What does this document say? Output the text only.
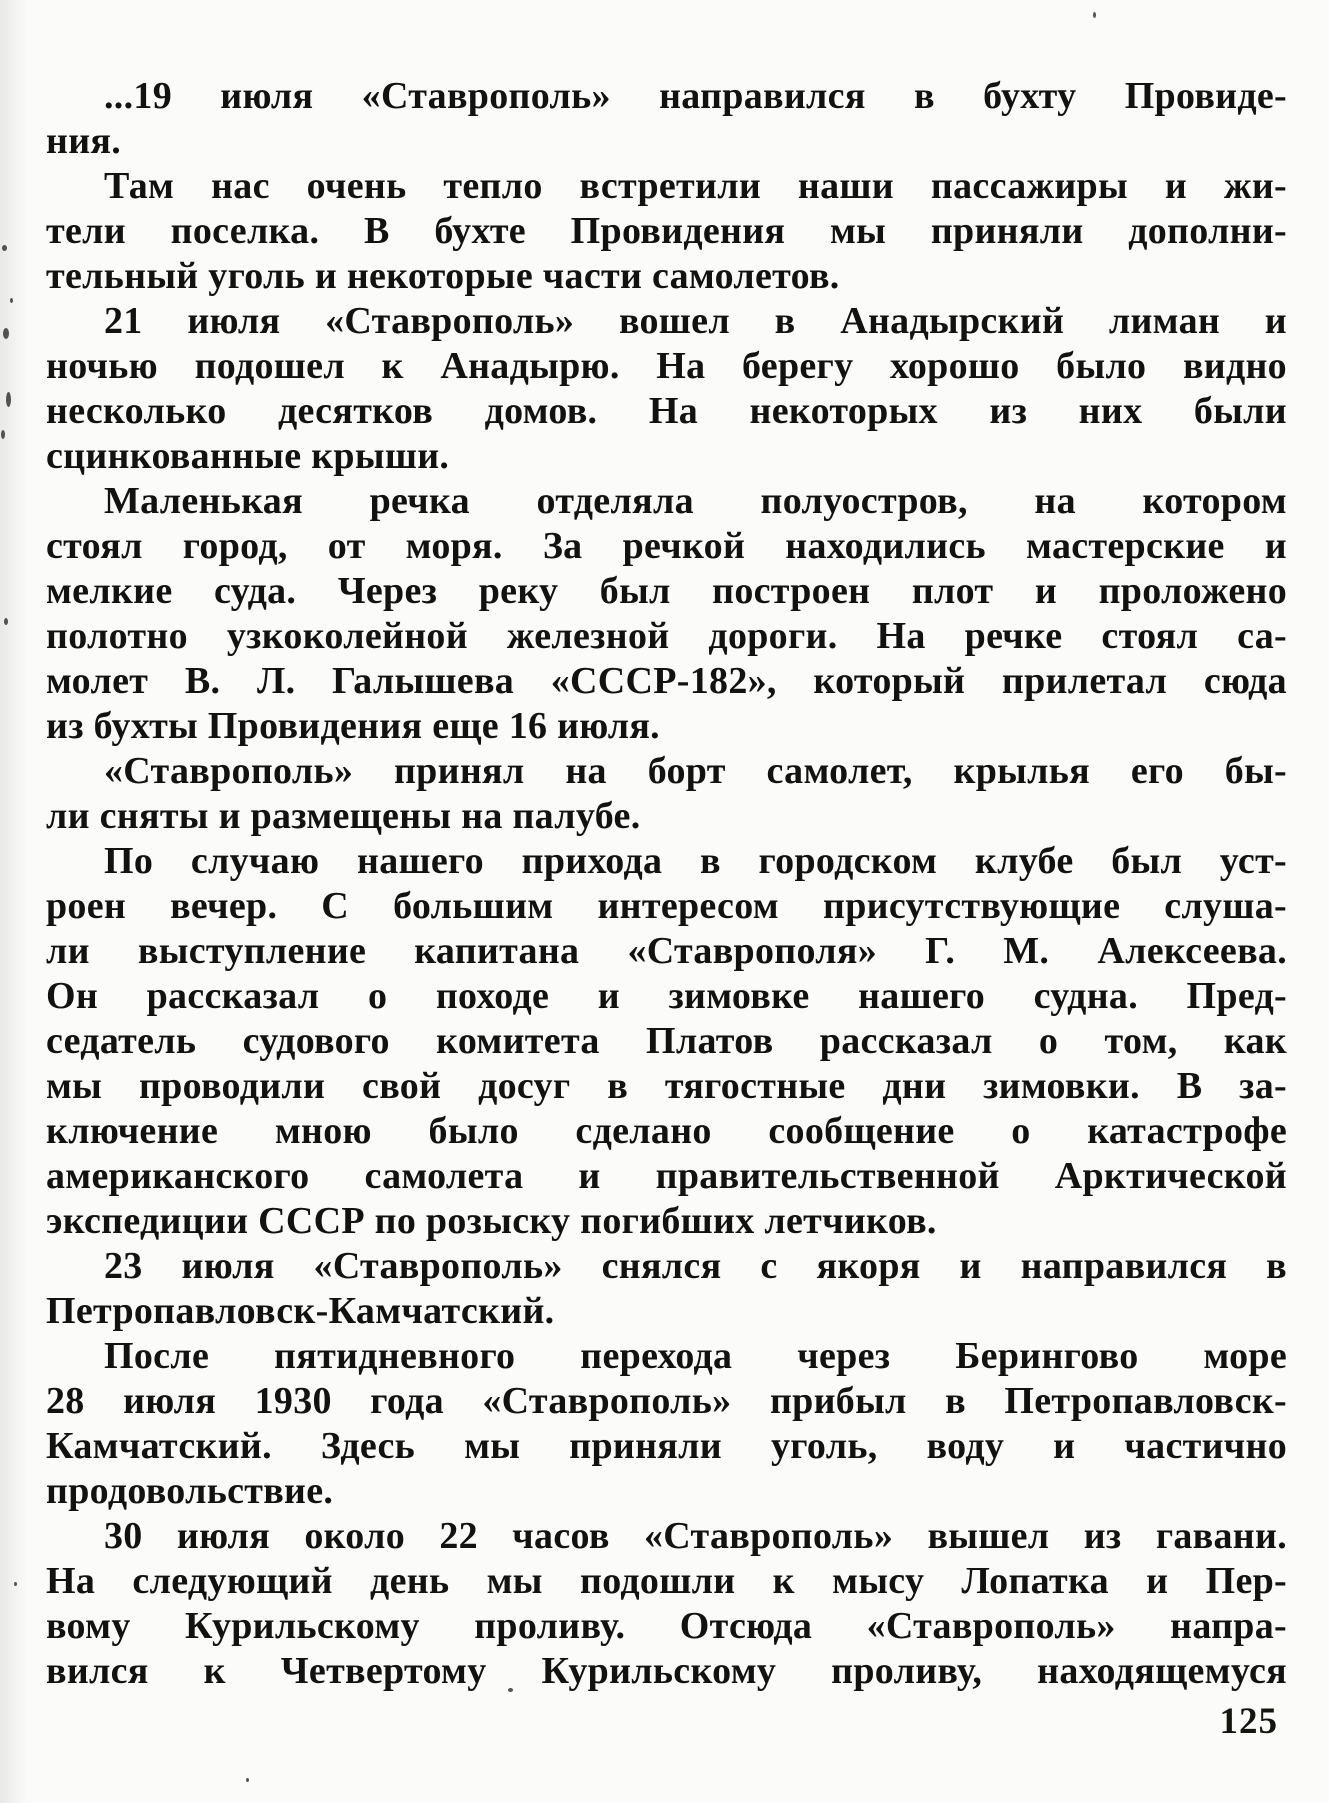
...19 июля «Ставрополь» направился в бухту Провиде-
ния.
Там нас очень тепло встретили наши пассажиры и жи-
тели поселка. В бухте Провидения мы приняли дополни-
тельный уголь и некоторые части самолетов.
21 июля «Ставрополь» вошел в Анадырский лиман и
ночью подошел к Анадырю. На берегу хорошо было видно
несколько десятков домов. На некоторых из них были
сцинкованные крыши.
Маленькая речка отделяла полуостров, на котором
стоял город, от моря. За речкой находились мастерские и
мелкие суда. Через реку был построен плот и проложено
полотно узкоколейной железной дороги. На речке стоял са-
молет В. Л. Галышева «СССР-182», который прилетал сюда
из бухты Провидения еще 16 июля.
«Ставрополь» принял на борт самолет, крылья его бы-
ли сняты и размещены на палубе.
По случаю нашего прихода в городском клубе был уст-
роен вечер. С большим интересом присутствующие слуша-
ли выступление капитана «Ставрополя» Г. М. Алексеева.
Он рассказал о походе и зимовке нашего судна. Пред-
седатель судового комитета Платов рассказал о том, как
мы проводили свой досуг в тягостные дни зимовки. В за-
ключение мною было сделано сообщение о катастрофе
американского самолета и правительственной Арктической
экспедиции СССР по розыску погибших летчиков.
23 июля «Ставрополь» снялся с якоря и направился в
Петропавловск-Камчатский.
После пятидневного перехода через Берингово море
28 июля 1930 года «Ставрополь» прибыл в Петропавловск-
Камчатский. Здесь мы приняли уголь, воду и частично
продовольствие.
30 июля около 22 часов «Ставрополь» вышел из гавани.
На следующий день мы подошли к мысу Лопатка и Пер-
вому Курильскому проливу. Отсюда «Ставрополь» напра-
вился к Четвертому Курильскому проливу, находящемуся
125
